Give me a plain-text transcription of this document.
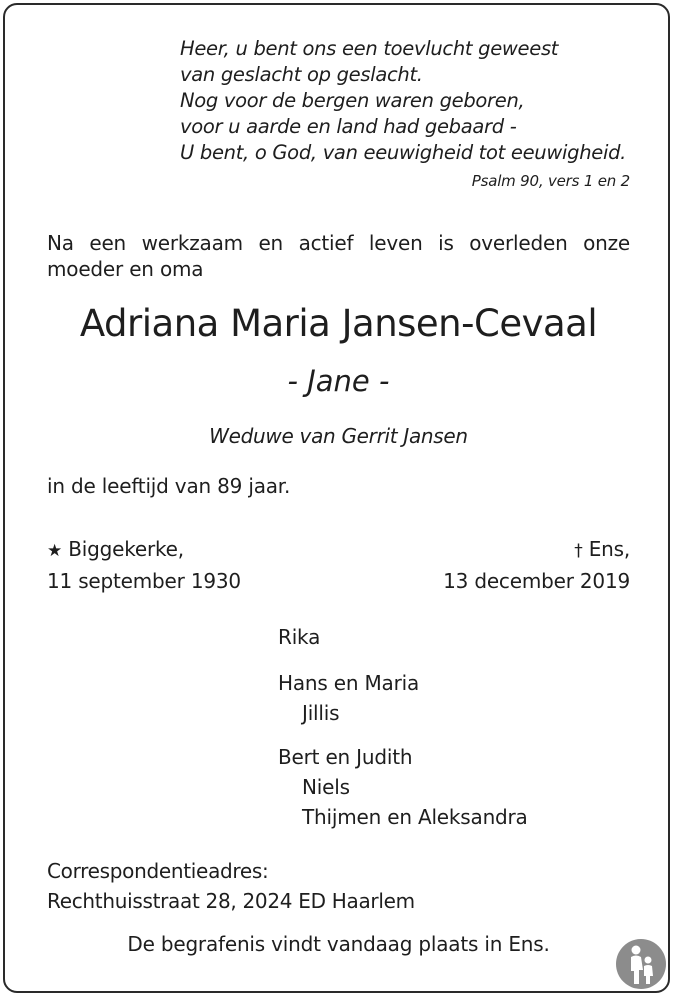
Heer, u bent ons een toevlucht geweest
van geslacht op geslacht.
Nog voor de bergen waren geboren,
voor u aarde en land had gebaard -
U bent, o God, van eeuwigheid tot eeuwigheid.
Psalm 90, vers 1 en 2
Na een werkzaam en actief leven is overleden onze
moeder en oma
Adriana Maria Jansen-Cevaal
- Jane -
Weduwe van Gerrit Jansen
in de leeftijd van 89 jaar.
★ Biggekerke,
11 september 1930
† Ens,
13 december 2019
Rika
Hans en Maria
Jillis
Bert en Judith
Niels
Thijmen en Aleksandra
Correspondentieadres:
Rechthuisstraat 28, 2024 ED Haarlem
De begrafenis vindt vandaag plaats in Ens.
